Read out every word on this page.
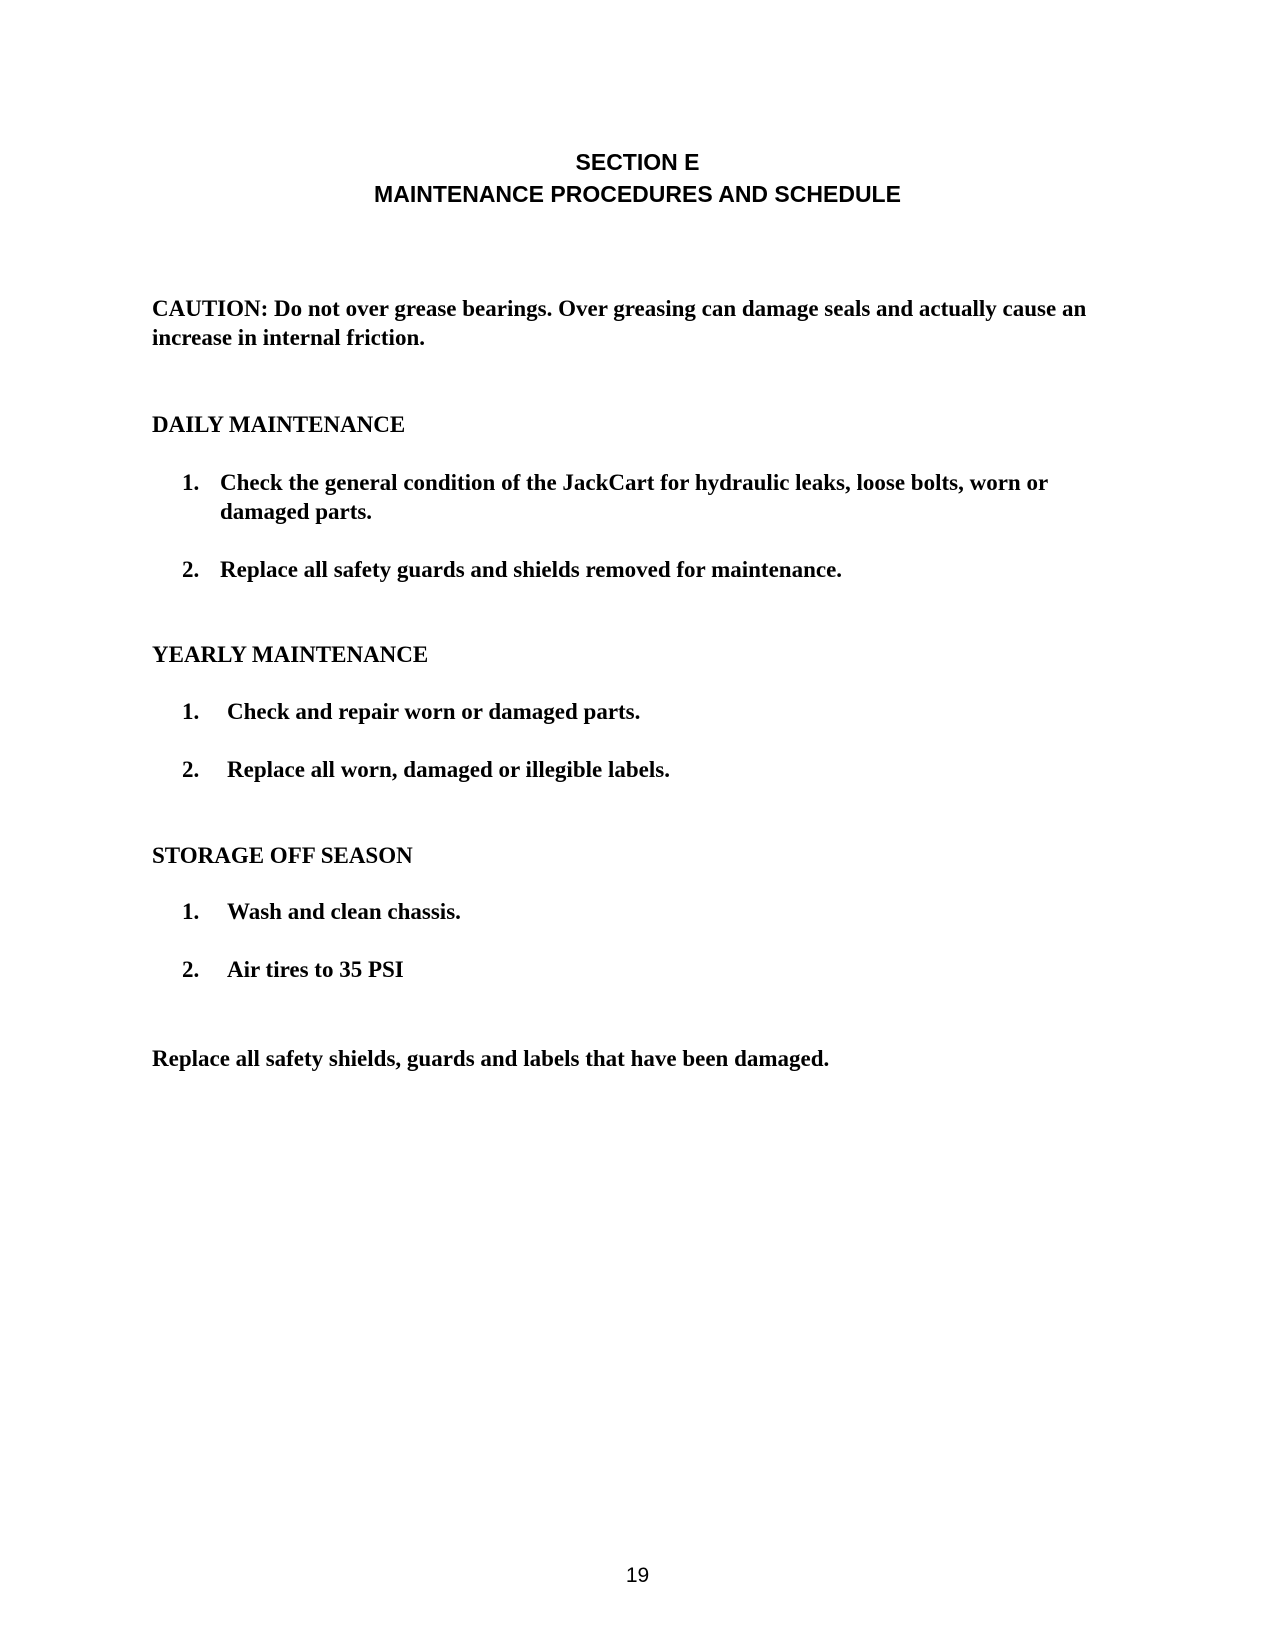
SECTION E
MAINTENANCE PROCEDURES AND SCHEDULE

CAUTION: Do not over grease bearings. Over greasing can damage seals and actually cause an increase in internal friction.

DAILY MAINTENANCE
1. Check the general condition of the JackCart for hydraulic leaks, loose bolts, worn or damaged parts.
2. Replace all safety guards and shields removed for maintenance.
YEARLY MAINTENANCE
1.	Check and repair worn or damaged parts.
2.	Replace all worn, damaged or illegible labels.
STORAGE OFF SEASON
1.	Wash and clean chassis.
2.	Air tires to 35 PSI

Replace all safety shields, guards and labels that have been damaged.

19
